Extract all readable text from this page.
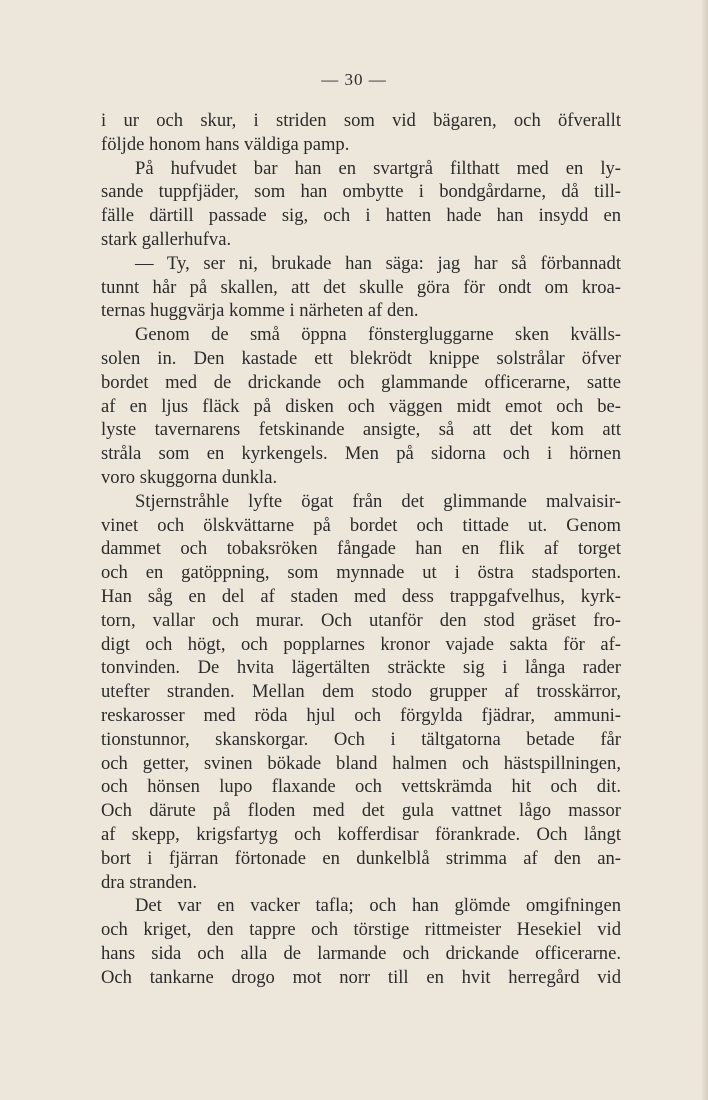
— 30 —
i ur och skur, i striden som vid bägaren, och öfverallt
följde honom hans väldiga pamp.
På hufvudet bar han en svartgrå filthatt med en ly-
sande tuppfjäder, som han ombytte i bondgårdarne, då till-
fälle därtill passade sig, och i hatten hade han insydd en
stark gallerhufva.
— Ty, ser ni, brukade han säga: jag har så förbannadt
tunnt hår på skallen, att det skulle göra för ondt om kroa-
ternas huggvärja komme i närheten af den.
Genom de små öppna fönstergluggarne sken kvälls-
solen in. Den kastade ett blekrödt knippe solstrålar öfver
bordet med de drickande och glammande officerarne, satte
af en ljus fläck på disken och väggen midt emot och be-
lyste tavernarens fetskinande ansigte, så att det kom att
stråla som en kyrkengels. Men på sidorna och i hörnen
voro skuggorna dunkla.
Stjernstråhle lyfte ögat från det glimmande malvaisir-
vinet och ölskvättarne på bordet och tittade ut. Genom
dammet och tobaksröken fångade han en flik af torget
och en gatöppning, som mynnade ut i östra stadsporten.
Han såg en del af staden med dess trappgafvelhus, kyrk-
torn, vallar och murar. Och utanför den stod gräset fro-
digt och högt, och popplarnes kronor vajade sakta för af-
tonvinden. De hvita lägertälten sträckte sig i långa rader
utefter stranden. Mellan dem stodo grupper af trosskärror,
reskarosser med röda hjul och förgylda fjädrar, ammuni-
tionstunnor, skanskorgar. Och i tältgatorna betade får
och getter, svinen bökade bland halmen och hästspillningen,
och hönsen lupo flaxande och vettskrämda hit och dit.
Och därute på floden med det gula vattnet lågo massor
af skepp, krigsfartyg och kofferdisar förankrade. Och långt
bort i fjärran förtonade en dunkelblå strimma af den an-
dra stranden.
Det var en vacker tafla; och han glömde omgifningen
och kriget, den tappre och törstige rittmeister Hesekiel vid
hans sida och alla de larmande och drickande officerarne.
Och tankarne drogo mot norr till en hvit herregård vid
